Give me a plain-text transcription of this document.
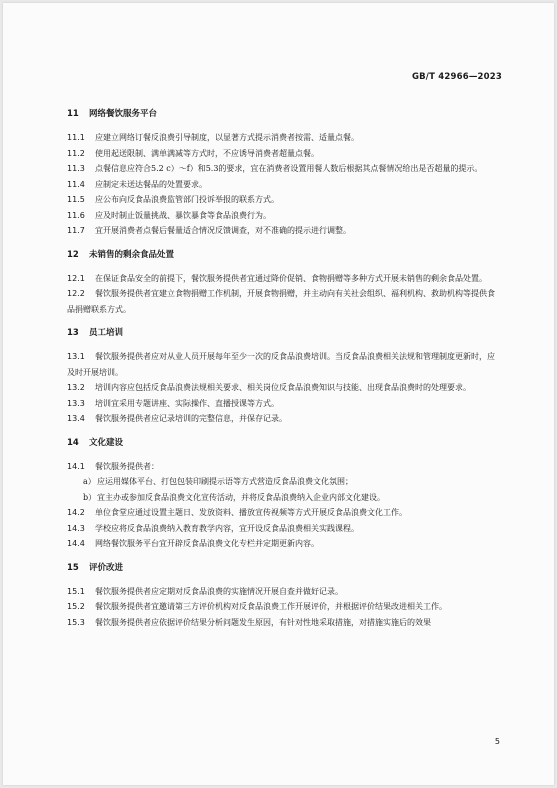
GB/T 42966—2023
11 网络餐饮服务平台

11.1 应建立网络订餐反浪费引导制度，以显著方式提示消费者按需、适量点餐。

11.2 使用起送限制、满单满减等方式时，不应诱导消费者超量点餐。

11.3 点餐信息应符合5.2 c）～f）和5.3的要求，宜在消费者设置用餐人数后根据其点餐情况给出是否超量的提示。

11.4 应制定未送达餐品的处置要求。

11.5 应公布向反食品浪费监管部门投诉举报的联系方式。

11.6 应及时制止饭量挑战、暴饮暴食等食品浪费行为。

11.7 宜开展消费者点餐后餐量适合情况反馈调查，对不准确的提示进行调整。

12 未销售的剩余食品处置

12.1 在保证食品安全的前提下，餐饮服务提供者宜通过降价促销、食物捐赠等多种方式开展未销售的剩余食品处置。

12.2 餐饮服务提供者宜建立食物捐赠工作机制，开展食物捐赠，并主动向有关社会组织、福利机构、救助机构等提供食品捐赠联系方式。

13 员工培训

13.1 餐饮服务提供者应对从业人员开展每年至少一次的反食品浪费培训。当反食品浪费相关法规和管理制度更新时，应及时开展培训。

13.2 培训内容应包括反食品浪费法规相关要求、相关岗位反食品浪费知识与技能、出现食品浪费时的处理要求。

13.3 培训宜采用专题讲座、实际操作、直播授课等方式。

13.4 餐饮服务提供者应记录培训的完整信息，并保存记录。

14 文化建设

14.1 餐饮服务提供者：

a）应运用媒体平台、打包包装印刷提示语等方式营造反食品浪费文化氛围；
b）宜主办或参加反食品浪费文化宣传活动，并将反食品浪费纳入企业内部文化建设。

14.2 单位食堂应通过设置主题日、发放资料、播放宣传视频等方式开展反食品浪费文化工作。

14.3 学校应将反食品浪费纳入教育教学内容，宜开设反食品浪费相关实践课程。

14.4 网络餐饮服务平台宜开辟反食品浪费文化专栏并定期更新内容。

15 评价改进

15.1 餐饮服务提供者应定期对反食品浪费的实施情况开展自查并做好记录。

15.2 餐饮服务提供者宜邀请第三方评价机构对反食品浪费工作开展评价，并根据评价结果改进相关工作。

15.3 餐饮服务提供者应依据评价结果分析问题发生原因，有针对性地采取措施，对措施实施后的效果

5
